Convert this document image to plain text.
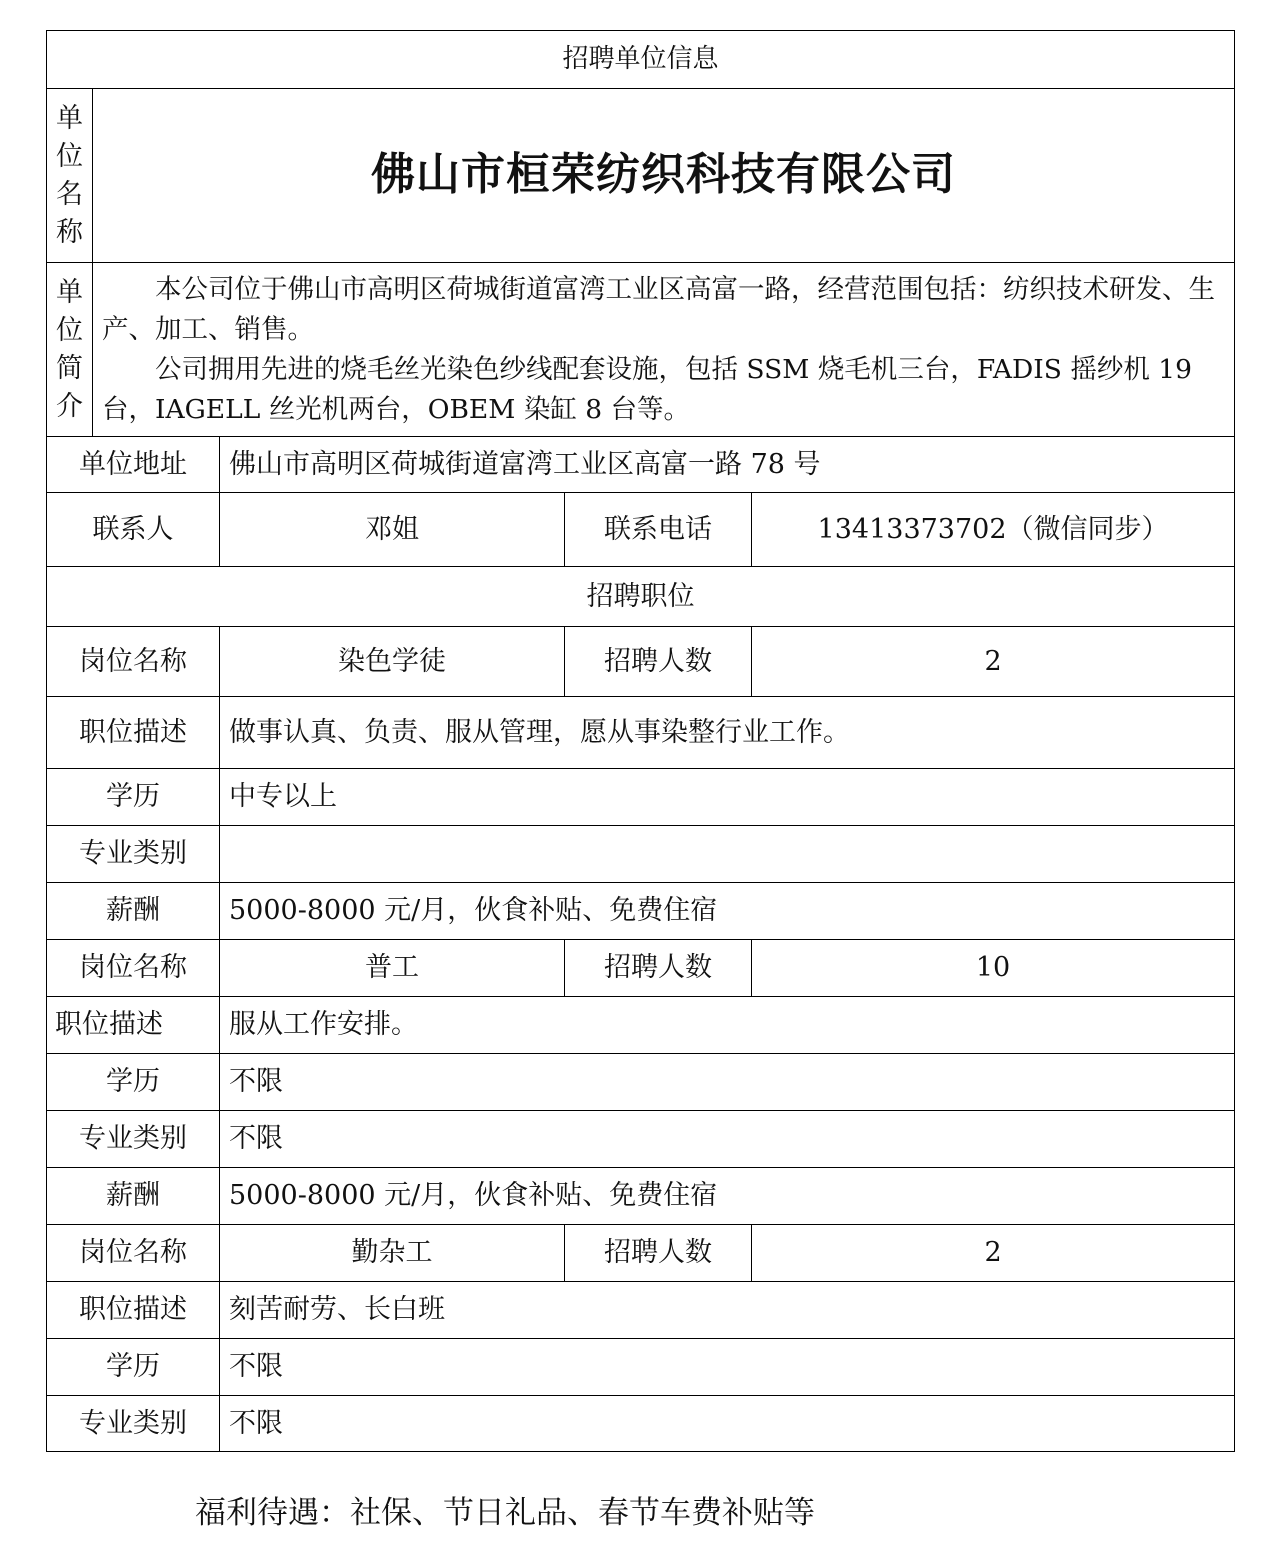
招聘单位信息				
单位名称	佛山市桓荣纺织科技有限公司			
单位简介	本公司位于佛山市高明区荷城街道富湾工业区高富一路，经营范围包括：纺织技术研发、生产、加工、销售。

公司拥用先进的烧毛丝光染色纱线配套设施，包括 SSM 烧毛机三台，FADIS 摇纱机 19 台，IAGELL 丝光机两台，OBEM 染缸 8 台等。			

单位地址		佛山市高明区荷城街道富湾工业区高富一路 78 号		
联系人		邓姐	联系电话	13413373702（微信同步）
招聘职位				
岗位名称		染色学徒	招聘人数	2
职位描述		做事认真、负责、服从管理，愿从事染整行业工作。		
学历		中专以上		
专业类别				
薪酬		5000-8000 元/月，伙食补贴、免费住宿		
岗位名称		普工	招聘人数	10
职位描述		服从工作安排。		
学历		不限		
专业类别		不限		
薪酬		5000-8000 元/月，伙食补贴、免费住宿		
岗位名称		勤杂工	招聘人数	2
职位描述		刻苦耐劳、长白班		
学历		不限		
专业类别		不限		

福利待遇：社保、节日礼品、春节车费补贴等
